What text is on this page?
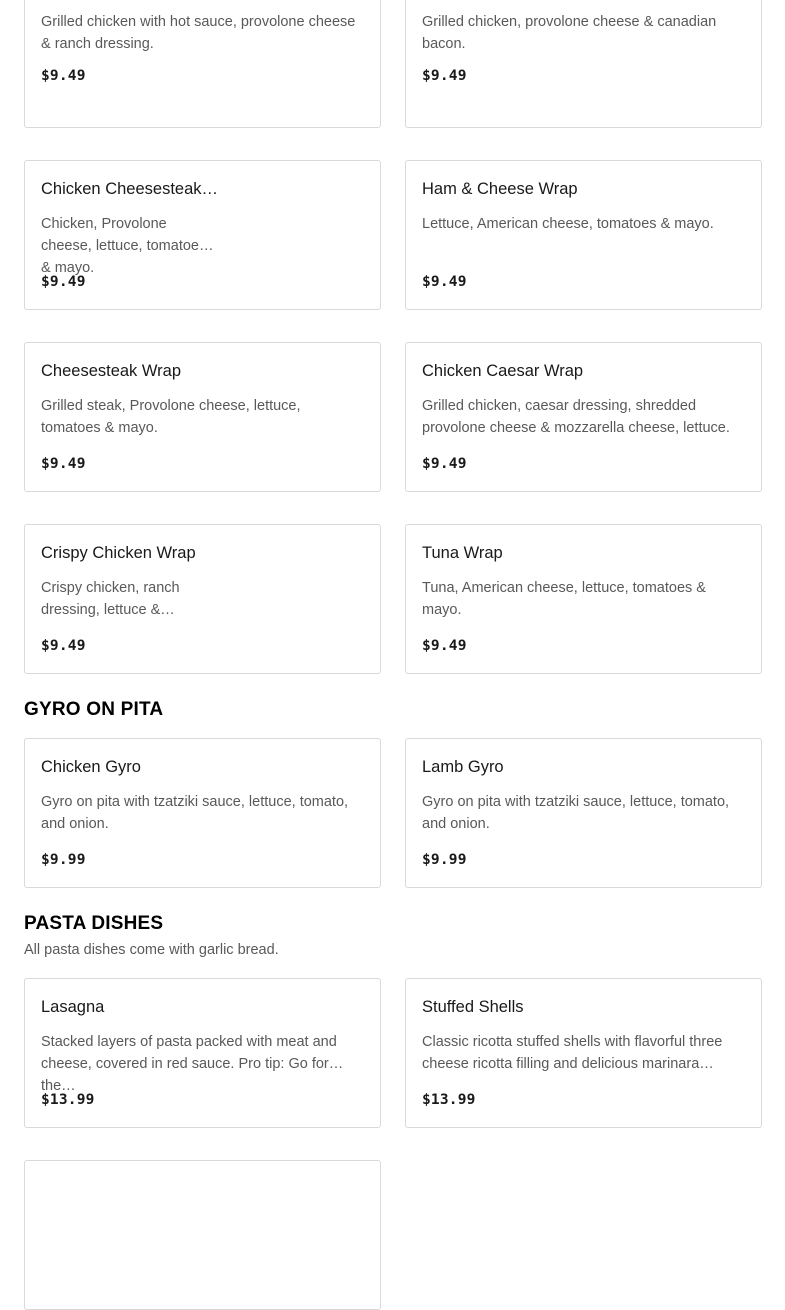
Grilled chicken with hot sauce, provolone cheese & ranch dressing.
$9.49
Grilled chicken, provolone cheese & canadian bacon.
$9.49
Chicken Cheesesteak…
Chicken, Provolone cheese, lettuce, tomatoes & mayo.
$9.49
Ham & Cheese Wrap
Lettuce, American cheese, tomatoes & mayo.
$9.49
Cheesesteak Wrap
Grilled steak, Provolone cheese, lettuce, tomatoes & mayo.
$9.49
Chicken Caesar Wrap
Grilled chicken, caesar dressing, shredded provolone cheese & mozzarella cheese, lettuce.
$9.49
Crispy Chicken Wrap
Crispy chicken, ranch dressing, lettuce &…
$9.49
Tuna Wrap
Tuna, American cheese, lettuce, tomatoes & mayo.
$9.49
GYRO ON PITA
Chicken Gyro
Gyro on pita with tzatziki sauce, lettuce, tomato, and onion.
$9.99
Lamb Gyro
Gyro on pita with tzatziki sauce, lettuce, tomato, and onion.
$9.99
PASTA DISHES
All pasta dishes come with garlic bread.
Lasagna
Stacked layers of pasta packed with meat and cheese, covered in red sauce. Pro tip: Go for the…
$13.99
Stuffed Shells
Classic ricotta stuffed shells with flavorful three cheese ricotta filling and delicious marinara…
$13.99
